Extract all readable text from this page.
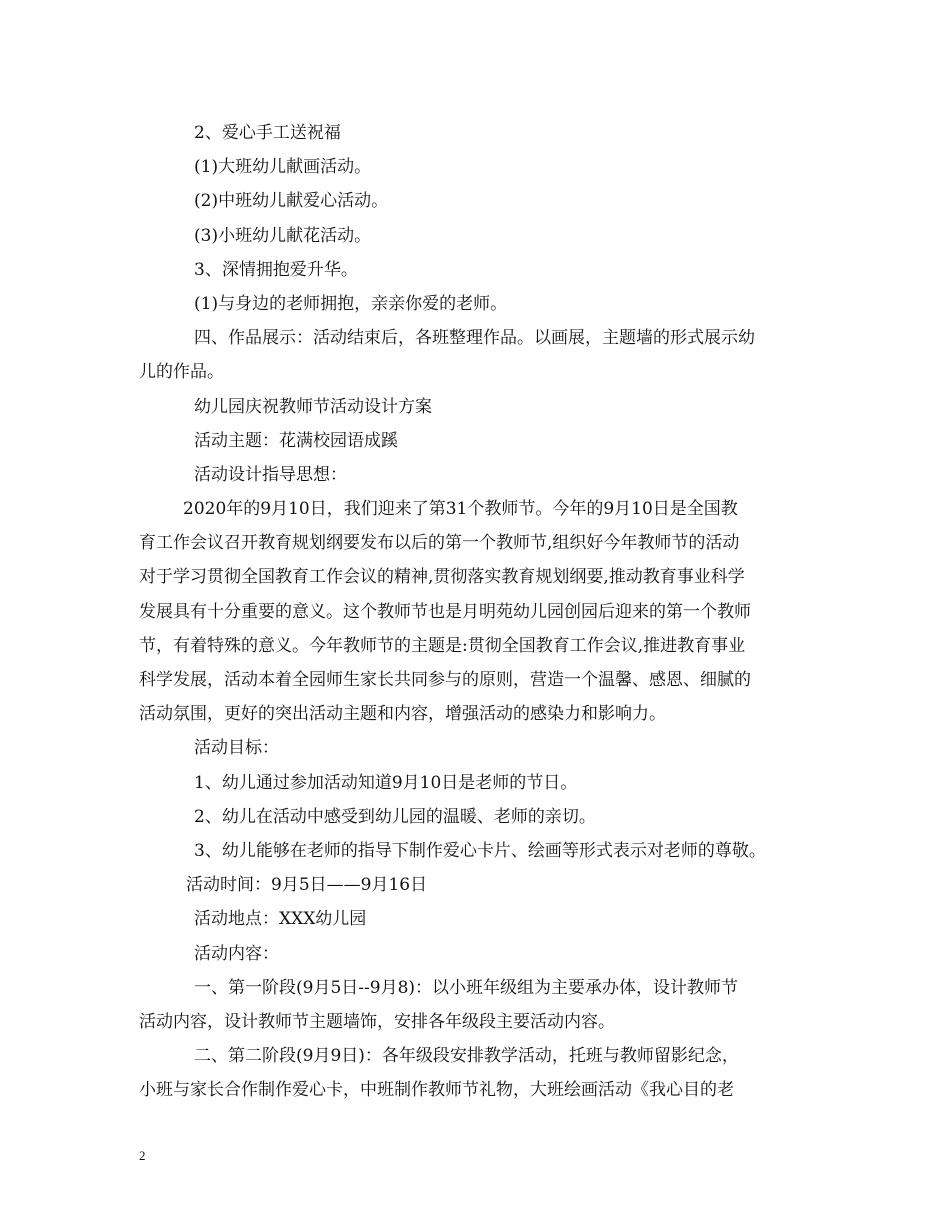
2、爱心手工送祝福
(1)大班幼儿献画活动。
(2)中班幼儿献爱心活动。
(3)小班幼儿献花活动。
3、深情拥抱爱升华。
(1)与身边的老师拥抱，亲亲你爱的老师。
四、作品展示：活动结束后，各班整理作品。以画展，主题墙的形式展示幼
儿的作品。
幼儿园庆祝教师节活动设计方案
活动主题：花满校园语成蹊
活动设计指导思想：
2020年的9月10日，我们迎来了第31个教师节。今年的9月10日是全国教
育工作会议召开教育规划纲要发布以后的第一个教师节,组织好今年教师节的活动
对于学习贯彻全国教育工作会议的精神,贯彻落实教育规划纲要,推动教育事业科学
发展具有十分重要的意义。这个教师节也是月明苑幼儿园创园后迎来的第一个教师
节，有着特殊的意义。今年教师节的主题是:贯彻全国教育工作会议,推进教育事业
科学发展，活动本着全园师生家长共同参与的原则，营造一个温馨、感恩、细腻的
活动氛围，更好的突出活动主题和内容，增强活动的感染力和影响力。
活动目标：
1、幼儿通过参加活动知道9月10日是老师的节日。
2、幼儿在活动中感受到幼儿园的温暖、老师的亲切。
3、幼儿能够在老师的指导下制作爱心卡片、绘画等形式表示对老师的尊敬。
活动时间：9月5日——9月16日
活动地点：XXX幼儿园
活动内容：
一、第一阶段(9月5日--9月8)：以小班年级组为主要承办体，设计教师节
活动内容，设计教师节主题墙饰，安排各年级段主要活动内容。
二、第二阶段(9月9日)：各年级段安排教学活动，托班与教师留影纪念，
小班与家长合作制作爱心卡，中班制作教师节礼物，大班绘画活动《我心目的老
2
